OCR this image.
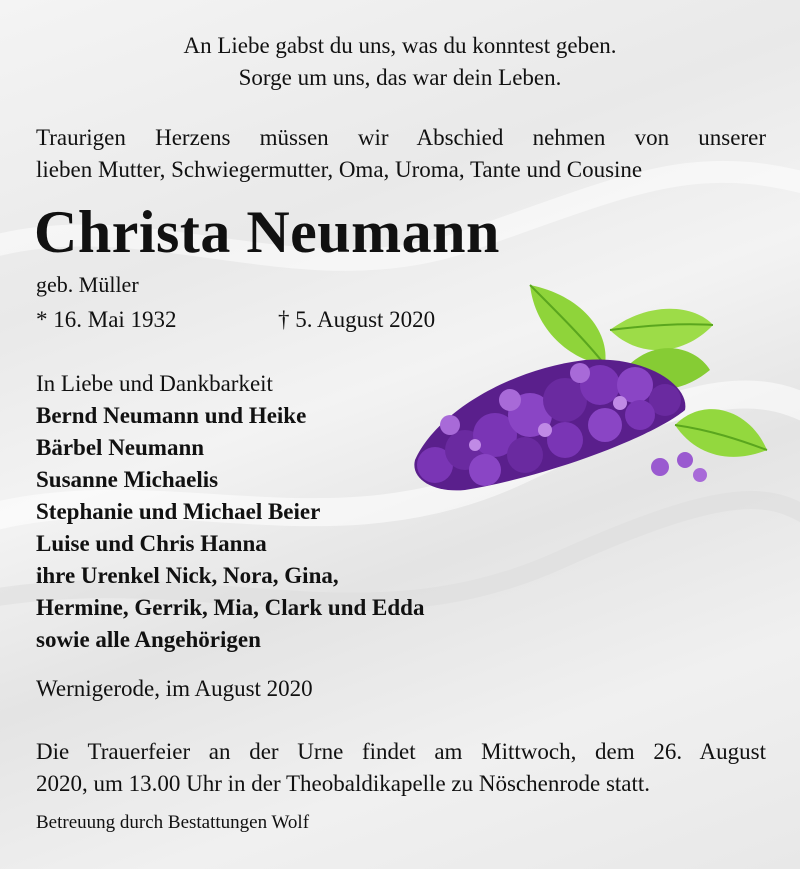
An Liebe gabst du uns, was du konntest geben.
Sorge um uns, das war dein Leben.
Traurigen Herzens müssen wir Abschied nehmen von unserer
lieben Mutter, Schwiegermutter, Oma, Uroma, Tante und Cousine
Christa Neumann
geb. Müller
* 16. Mai 1932	† 5. August 2020
In Liebe und Dankbarkeit
Bernd Neumann und Heike
Bärbel Neumann
Susanne Michaelis
Stephanie und Michael Beier
Luise und Chris Hanna
ihre Urenkel Nick, Nora, Gina,
Hermine, Gerrik, Mia, Clark und Edda
sowie alle Angehörigen
Wernigerode, im August 2020
Die Trauerfeier an der Urne findet am Mittwoch, dem 26. August
2020, um 13.00 Uhr in der Theobaldikapelle zu Nöschenrode statt.
Betreuung durch Bestattungen Wolf
